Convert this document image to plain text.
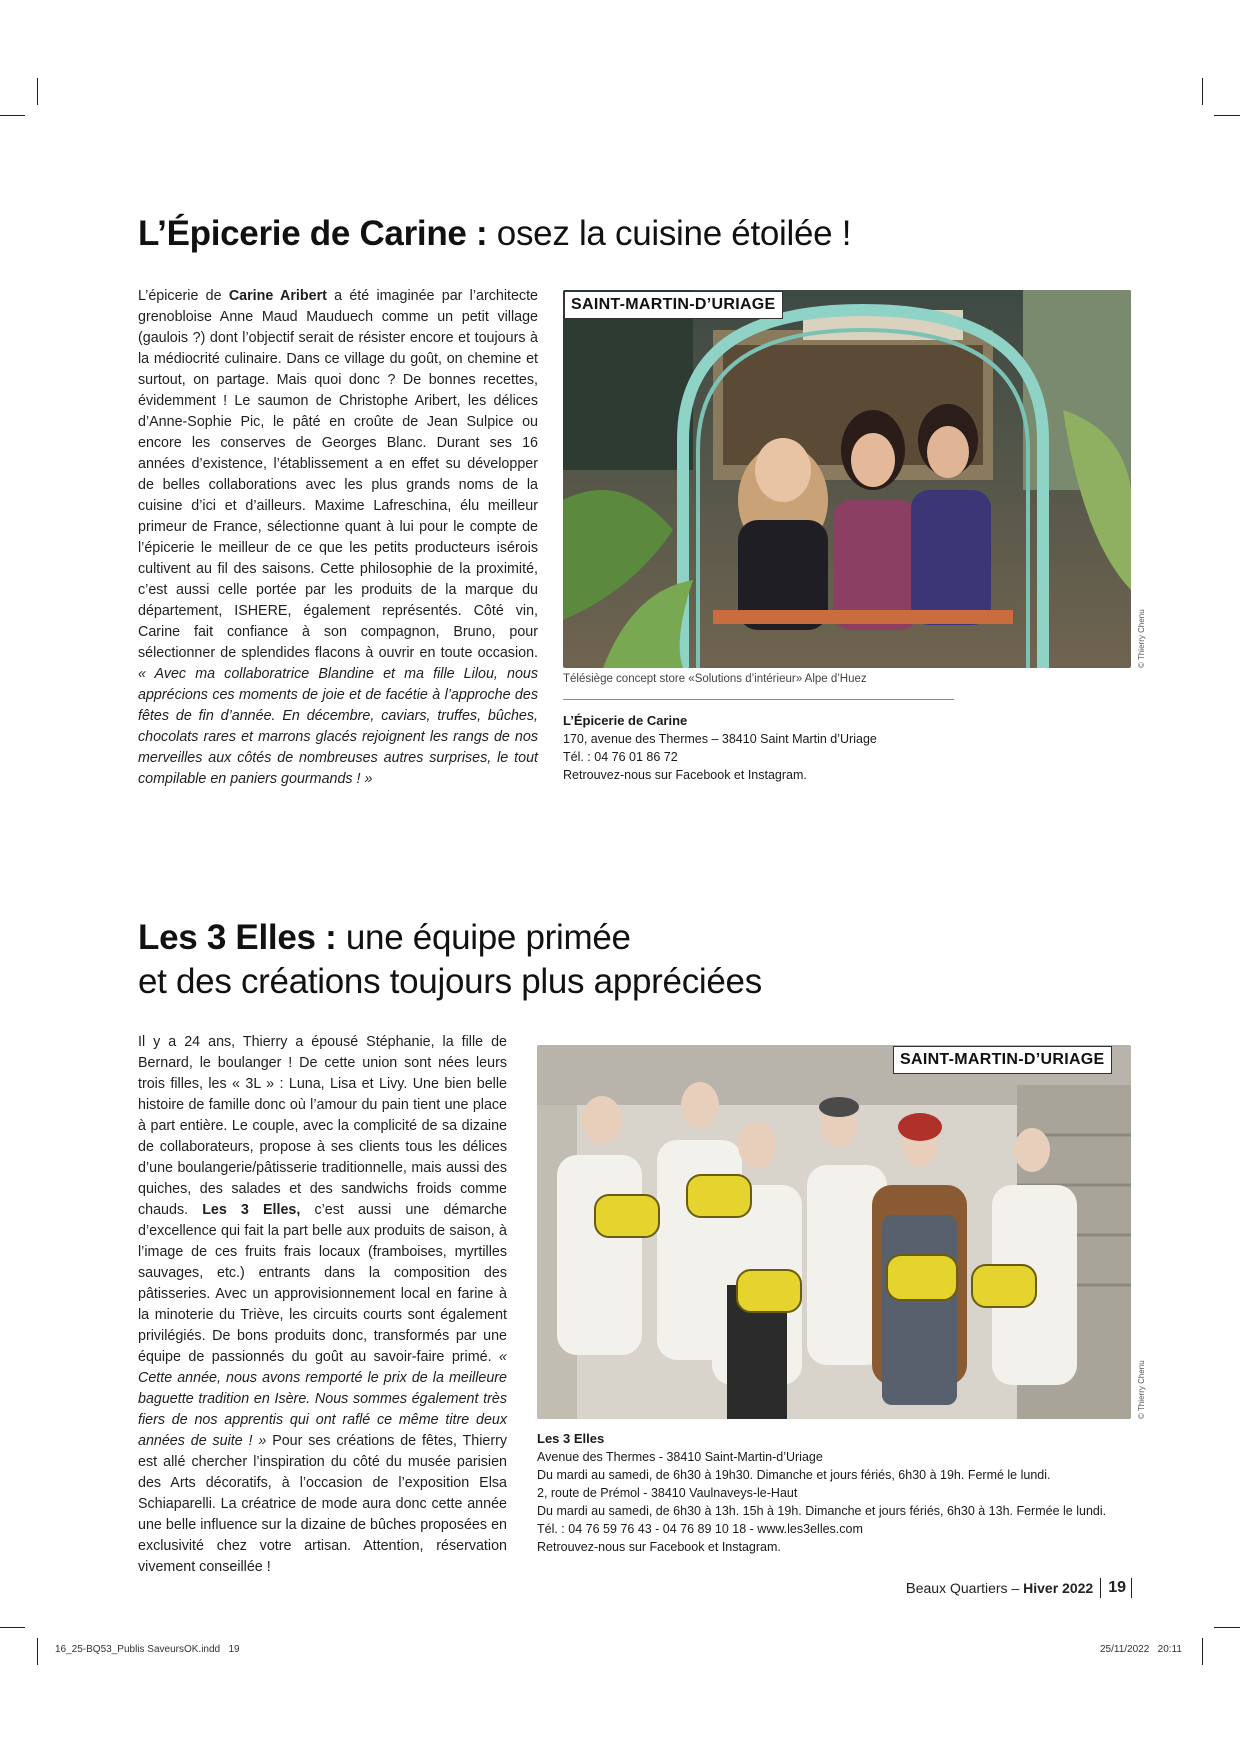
L’Épicerie de Carine : osez la cuisine étoilée !

L’épicerie de Carine Aribert a été imaginée par l’architecte grenobloise Anne Maud Mauduech comme un petit village (gaulois ?) dont l’objectif serait de résister encore et toujours à la médiocrité culinaire. Dans ce village du goût, on chemine et surtout, on partage. Mais quoi donc ? De bonnes recettes, évidemment ! Le saumon de Christophe Aribert, les délices d’Anne-Sophie Pic, le pâté en croûte de Jean Sulpice ou encore les conserves de Georges Blanc. Durant ses 16 années d’existence, l’établissement a en effet su développer de belles collaborations avec les plus grands noms de la cuisine d’ici et d’ailleurs. Maxime Lafreschina, élu meilleur primeur de France, sélectionne quant à lui pour le compte de l’épicerie le meilleur de ce que les petits producteurs isérois cultivent au fil des saisons. Cette philosophie de la proximité, c’est aussi celle portée par les produits de la marque du département, ISHERE, également représentés. Côté vin, Carine fait confiance à son compagnon, Bruno, pour sélectionner de splendides flacons à ouvrir en toute occasion. « Avec ma collaboratrice Blandine et ma fille Lilou, nous apprécions ces moments de joie et de facétie à l’approche des fêtes de fin d’année. En décembre, caviars, truffes, bûches, chocolats rares et marrons glacés rejoignent les rangs de nos merveilles aux côtés de nombreuses autres surprises, le tout compilable en paniers gourmands ! »

SAINT-MARTIN-D’URIAGE
© Thierry Chenu
Télésiège concept store «Solutions d’intérieur» Alpe d’Huez
L’Épicerie de Carine
170, avenue des Thermes – 38410 Saint Martin d’Uriage
Tél. : 04 76 01 86 72
Retrouvez-nous sur Facebook et Instagram.
Les 3 Elles : une équipe primée
et des créations toujours plus appréciées

Il y a 24 ans, Thierry a épousé Stéphanie, la fille de Bernard, le boulanger ! De cette union sont nées leurs trois filles, les « 3L » : Luna, Lisa et Livy. Une bien belle histoire de famille donc où l’amour du pain tient une place à part entière. Le couple, avec la complicité de sa dizaine de collaborateurs, propose à ses clients tous les délices d’une boulangerie/pâtisserie traditionnelle, mais aussi des quiches, des salades et des sandwichs froids comme chauds. Les 3 Elles, c’est aussi une démarche d’excellence qui fait la part belle aux produits de saison, à l’image de ces fruits frais locaux (framboises, myrtilles sauvages, etc.) entrants dans la composition des pâtisseries. Avec un approvisionnement local en farine à la minoterie du Triève, les circuits courts sont également privilégiés. De bons produits donc, transformés par une équipe de passionnés du goût au savoir-faire primé. « Cette année, nous avons remporté le prix de la meilleure baguette tradition en Isère. Nous sommes également très fiers de nos apprentis qui ont raflé ce même titre deux années de suite ! » Pour ses créations de fêtes, Thierry est allé chercher l’inspiration du côté du musée parisien des Arts décoratifs, à l’occasion de l’exposition Elsa Schiaparelli. La créatrice de mode aura donc cette année une belle influence sur la dizaine de bûches proposées en exclusivité chez votre artisan. Attention, réservation vivement conseillée !

SAINT-MARTIN-D’URIAGE
© Thierry Chenu
Les 3 Elles
Avenue des Thermes - 38410 Saint-Martin-d’Uriage
Du mardi au samedi, de 6h30 à 19h30. Dimanche et jours fériés, 6h30 à 19h. Fermé le lundi.
2, route de Prémol - 38410 Vaulnaveys-le-Haut
Du mardi au samedi, de 6h30 à 13h. 15h à 19h. Dimanche et jours fériés, 6h30 à 13h. Fermée le lundi.
Tél. : 04 76 59 76 43 - 04 76 89 10 18 - www.les3elles.com
Retrouvez-nous sur Facebook et Instagram.
Beaux Quartiers – Hiver 2022 19
16_25-BQ53_Publis SaveursOK.indd   19	25/11/2022   20:11
